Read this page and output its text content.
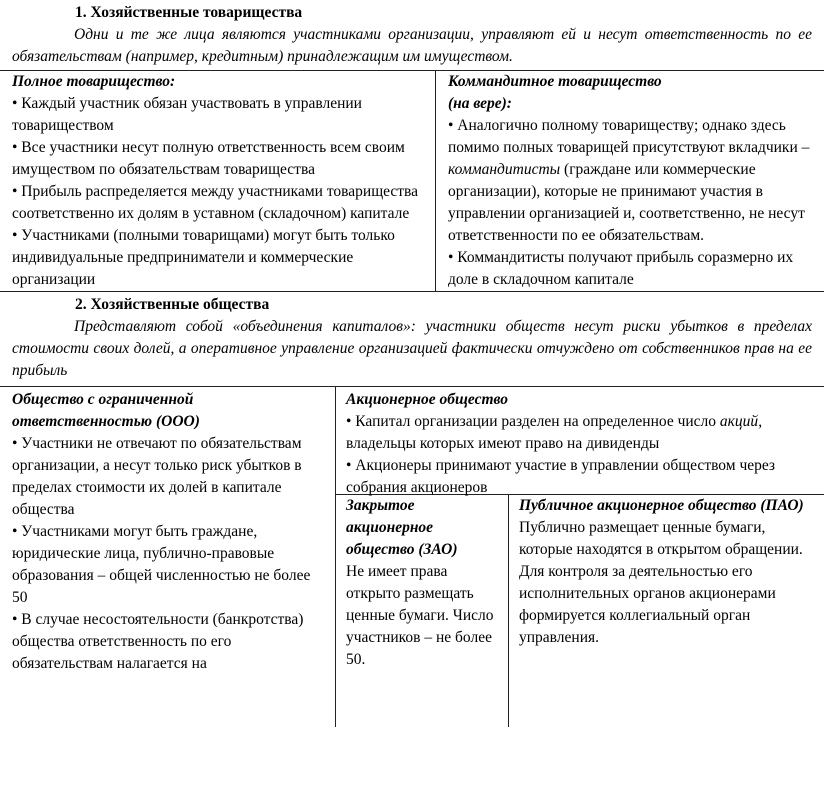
1. Хозяйственные товарищества

Одни и те же лица являются участниками организации, управляют ей и несут ответственность по ее обязательствам (например, кредитным) принадлежащим им имуществом.

Полное товарищество:

• Каждый участник обязан участвовать в управлении товариществом

• Все участники несут полную ответственность всем своим имуществом по обязательствам товарищества

• Прибыль распределяется между участниками товарищества соответственно их долям в уставном (складочном) капитале

• Участниками (полными товарищами) могут быть только индивидуальные предприниматели и коммерческие организации

Коммандитное товарищество
(на вере):

• Аналогично полному товариществу; однако здесь помимо полных товарищей присутствуют вкладчики – коммандитисты (граждане или коммерческие организации), которые не принимают участия в управлении организацией и, соответственно, не несут ответственности по ее обязательствам.

• Коммандитисты получают прибыль соразмерно их доле в складочном капитале

2. Хозяйственные общества

Представляют собой «объединения капиталов»: участники обществ несут риски убытков в пределах стоимости своих долей, а оперативное управление организацией фактически отчуждено от собственников прав на ее прибыль

Общество с ограниченной ответственностью (ООО)

• Участники не отвечают по обязательствам организации, а несут только риск убытков в пределах стоимости их долей в капитале общества

• Участниками могут быть граждане, юридические лица, публично-правовые образования – общей численностью не более 50

• В случае несостоятельности (банкротства) общества ответственность по его обязательствам налагается на

Акционерное общество

• Капитал организации разделен на определенное число акций, владельцы которых имеют право на дивиденды

• Акционеры принимают участие в управлении обществом через собрания акционеров

Закрытое акционерное общество (ЗАО)

Не имеет права открыто размещать ценные бумаги. Число участников – не более 50.

Публичное акционерное общество (ПАО)

Публично размещает ценные бумаги, которые находятся в открытом обращении. Для контроля за деятельностью его исполнительных органов акционерами формируется коллегиальный орган управления.
